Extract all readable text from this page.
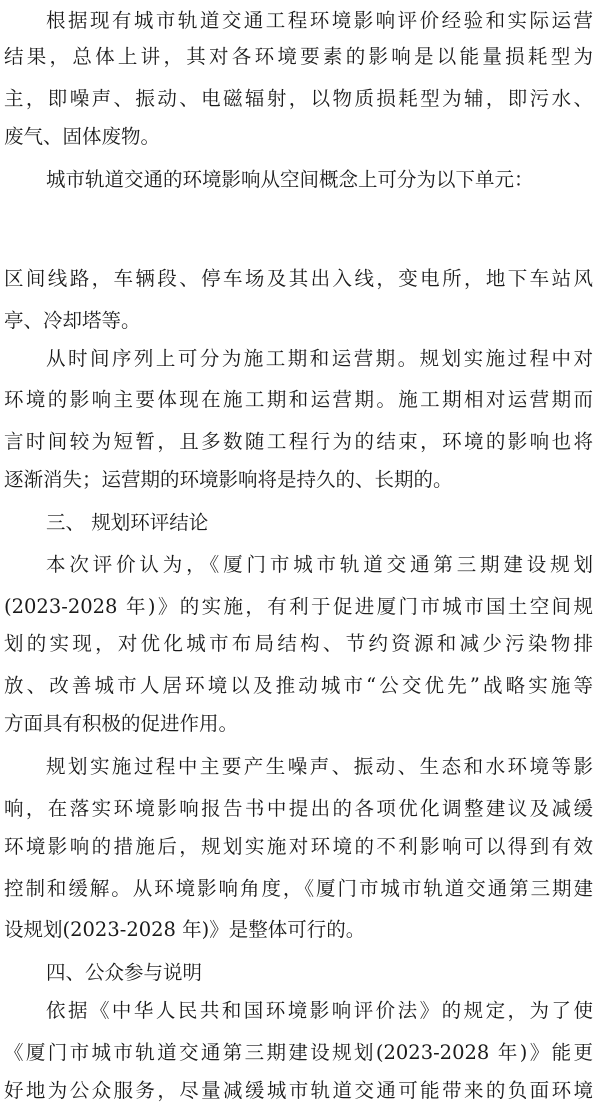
根据现有城市轨道交通工程环境影响评价经验和实际运营
结果，总体上讲，其对各环境要素的影响是以能量损耗型为
主，即噪声、振动、电磁辐射，以物质损耗型为辅，即污水、
废气、固体废物。
城市轨道交通的环境影响从空间概念上可分为以下单元：
区间线路，车辆段、停车场及其出入线，变电所，地下车站风
亭、冷却塔等。
从时间序列上可分为施工期和运营期。规划实施过程中对
环境的影响主要体现在施工期和运营期。施工期相对运营期而
言时间较为短暂，且多数随工程行为的结束，环境的影响也将
逐渐消失；运营期的环境影响将是持久的、长期的。
三、 规划环评结论
本次评价认为，《厦门市城市轨道交通第三期建设规划
(2023-2028 年)》的实施，有利于促进厦门市城市国土空间规
划的实现，对优化城市布局结构、节约资源和减少污染物排
放、改善城市人居环境以及推动城市“公交优先”战略实施等
方面具有积极的促进作用。
规划实施过程中主要产生噪声、振动、生态和水环境等影
响，在落实环境影响报告书中提出的各项优化调整建议及减缓
环境影响的措施后，规划实施对环境的不利影响可以得到有效
控制和缓解。从环境影响角度，《厦门市城市轨道交通第三期建
设规划(2023-2028 年)》是整体可行的。
四、公众参与说明
依据《中华人民共和国环境影响评价法》的规定，为了使
《厦门市城市轨道交通第三期建设规划(2023-2028 年)》能更
好地为公众服务，尽量减缓城市轨道交通可能带来的负面环境
